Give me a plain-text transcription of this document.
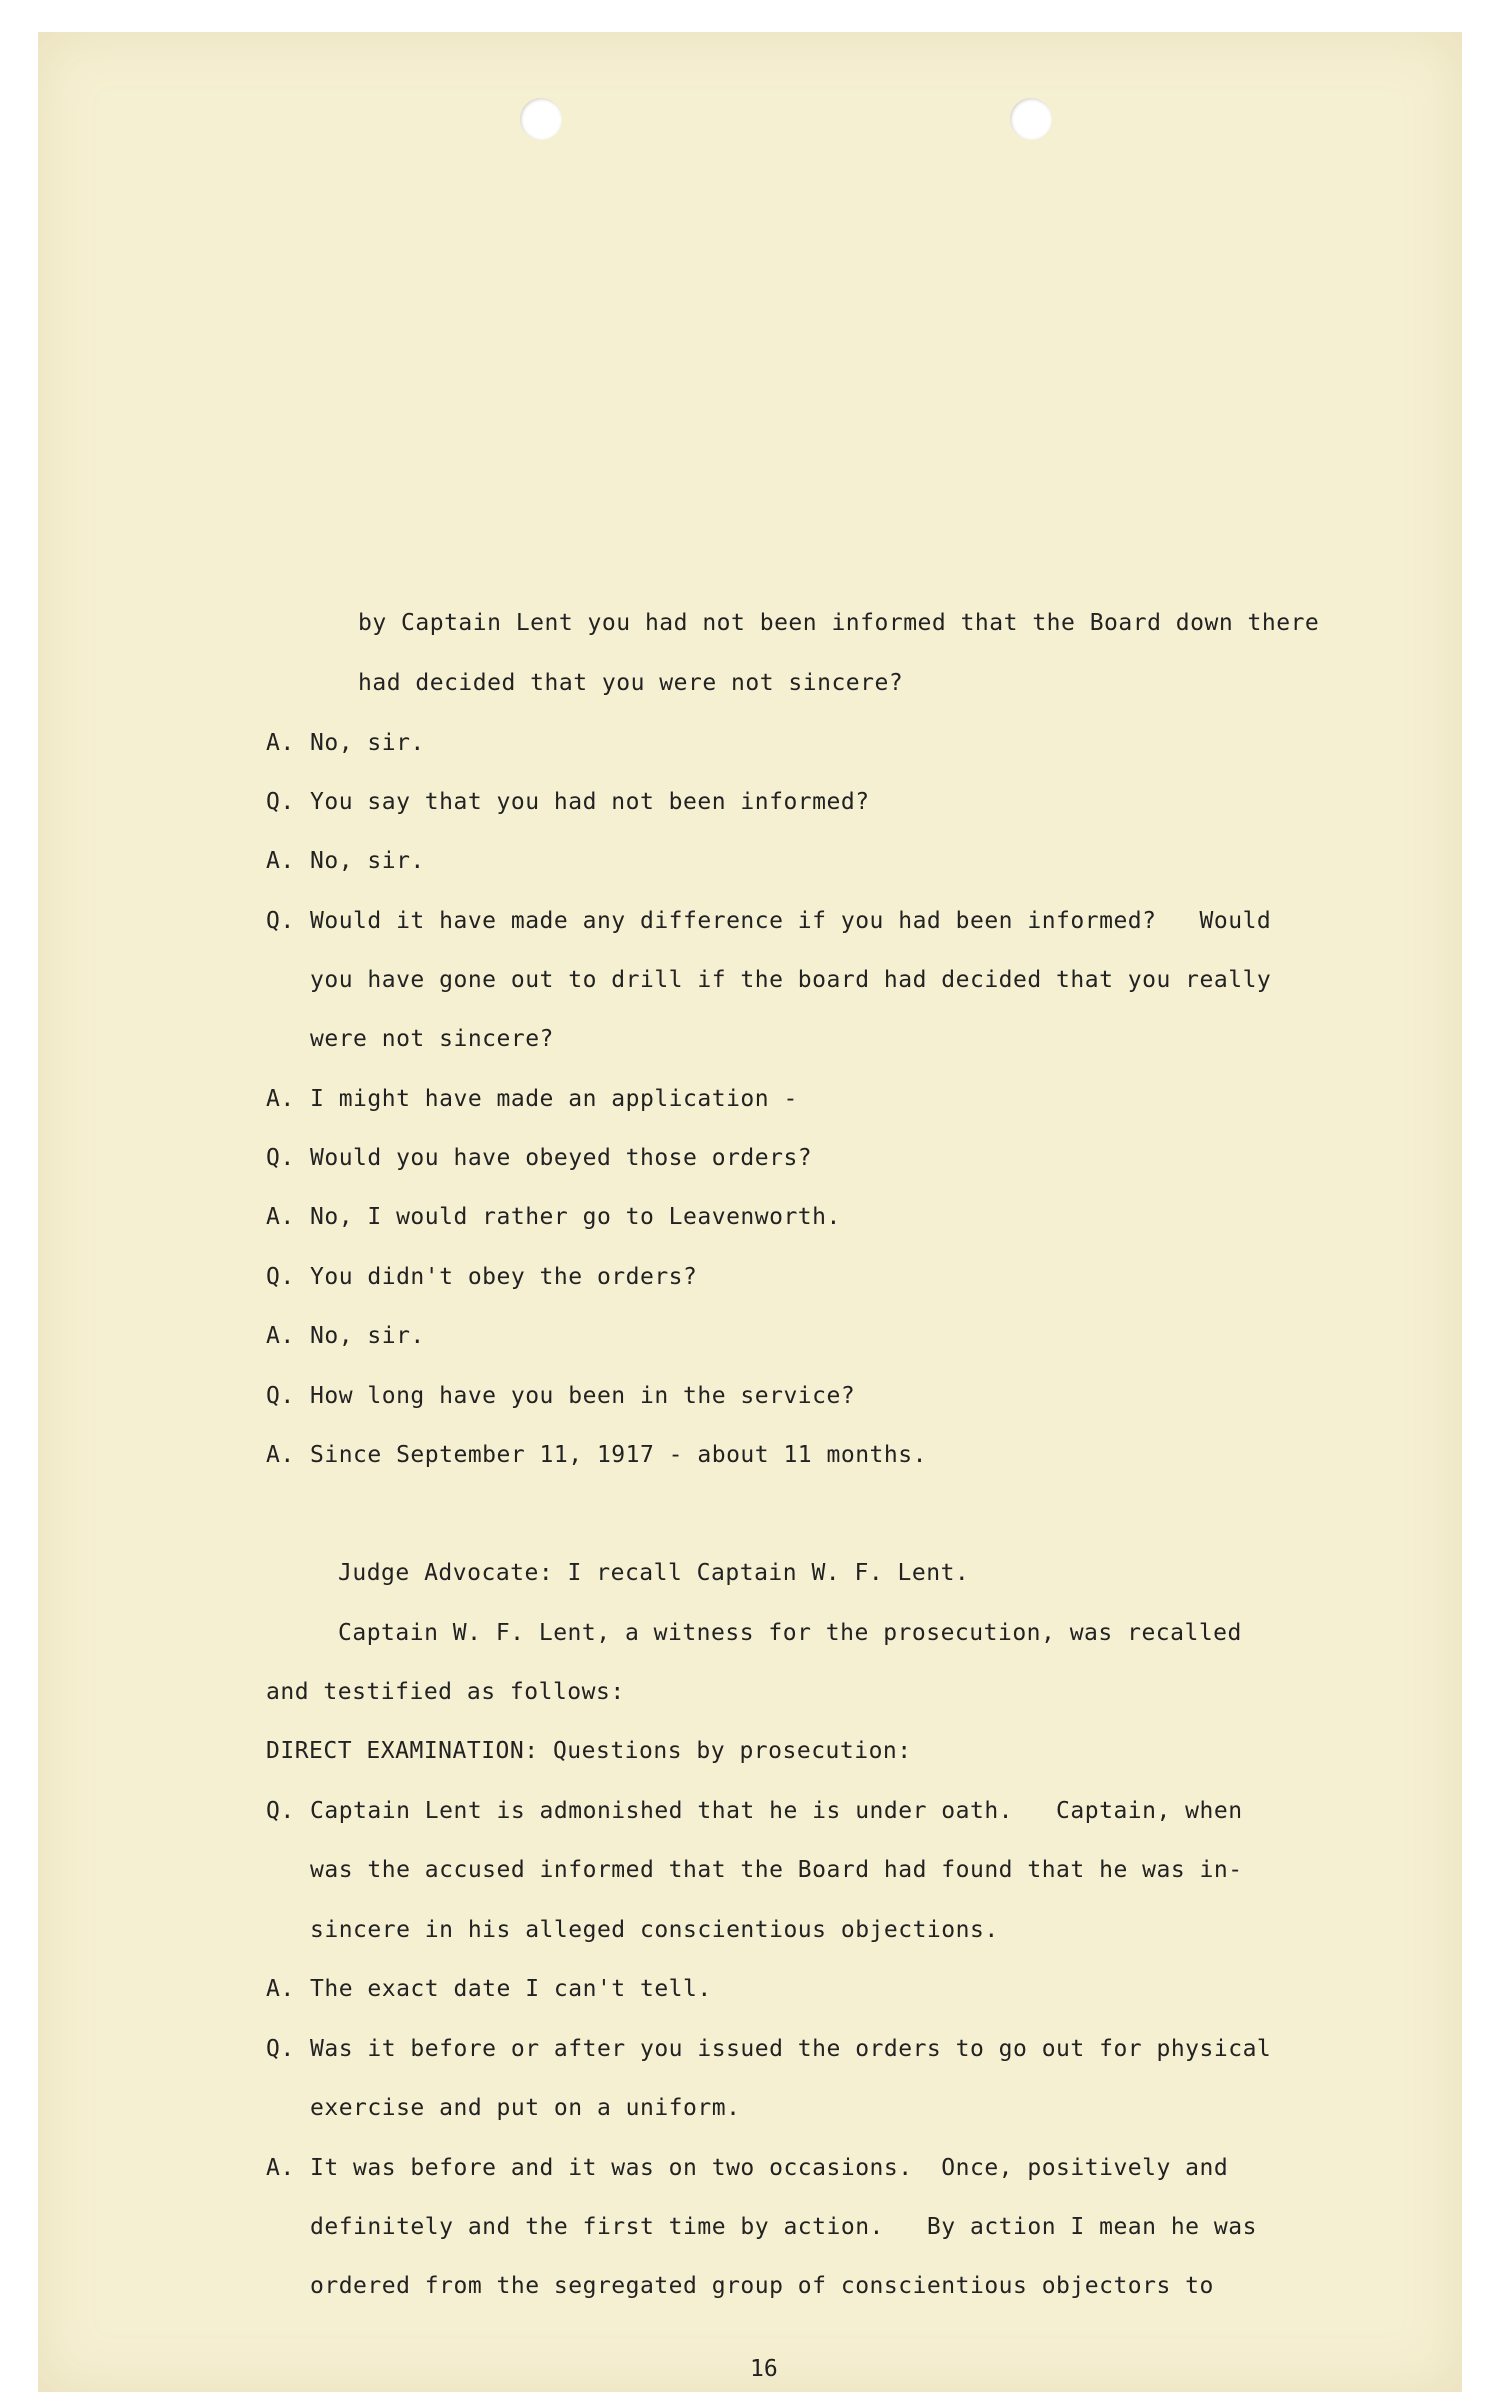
by Captain Lent you had not been informed that the Board down there
had decided that you were not sincere?
A. No, sir.
Q. You say that you had not been informed?
A. No, sir.
Q. Would it have made any difference if you had been informed?   Would
you have gone out to drill if the board had decided that you really
were not sincere?
A. I might have made an application -
Q. Would you have obeyed those orders?
A. No, I would rather go to Leavenworth.
Q. You didn't obey the orders?
A. No, sir.
Q. How long have you been in the service?
A. Since September 11, 1917 - about 11 months.
Judge Advocate: I recall Captain W. F. Lent.
Captain W. F. Lent, a witness for the prosecution, was recalled
and testified as follows:
DIRECT EXAMINATION: Questions by prosecution:
Q. Captain Lent is admonished that he is under oath.   Captain, when
was the accused informed that the Board had found that he was in-
sincere in his alleged conscientious objections.
A. The exact date I can't tell.
Q. Was it before or after you issued the orders to go out for physical
exercise and put on a uniform.
A. It was before and it was on two occasions.  Once, positively and
definitely and the first time by action.   By action I mean he was
ordered from the segregated group of conscientious objectors to
16
